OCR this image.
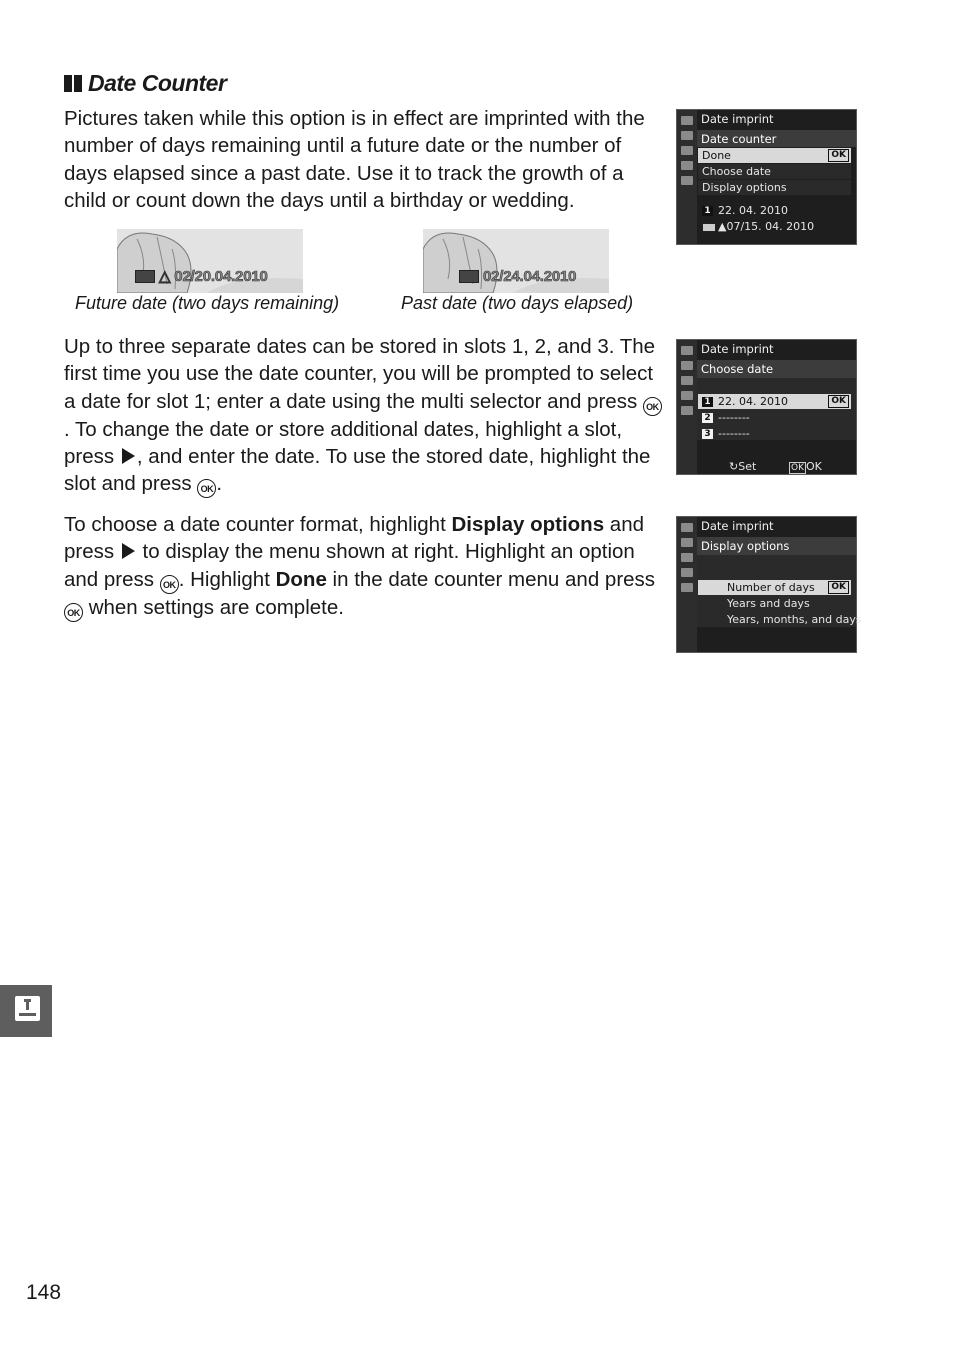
Date Counter
Pictures taken while this option is in effect are imprinted with the number of days remaining until a future date or the number of days elapsed since a past date. Use it to track the growth of a child or count down the days until a birthday or wedding.
△ 02/20.04.2010
Future date (two days remaining)
02/24.04.2010
Past date (two days elapsed)
Up to three separate dates can be stored in slots 1, 2, and 3. The first time you use the date counter, you will be prompted to select a date for slot 1; enter a date using the multi selector and press OK. To change the date or store additional dates, highlight a slot, press , and enter the date. To use the stored date, highlight the slot and press OK .
To choose a date counter format, highlight Display options and press  to display the menu shown at right. Highlight an option and press OK . Highlight Done in the date counter menu and press OK when settings are complete.
Date imprint
Date counter
Done	OK
Choose date
Display options
1 22. 04. 2010
▲07/15. 04. 2010
Date imprint
Choose date
1 22. 04. 2010	OK
2 --------
3 --------
↻Set	OK OK
Date imprint
Display options
Number of days	OK
Years and days
Years, months, and days
148
